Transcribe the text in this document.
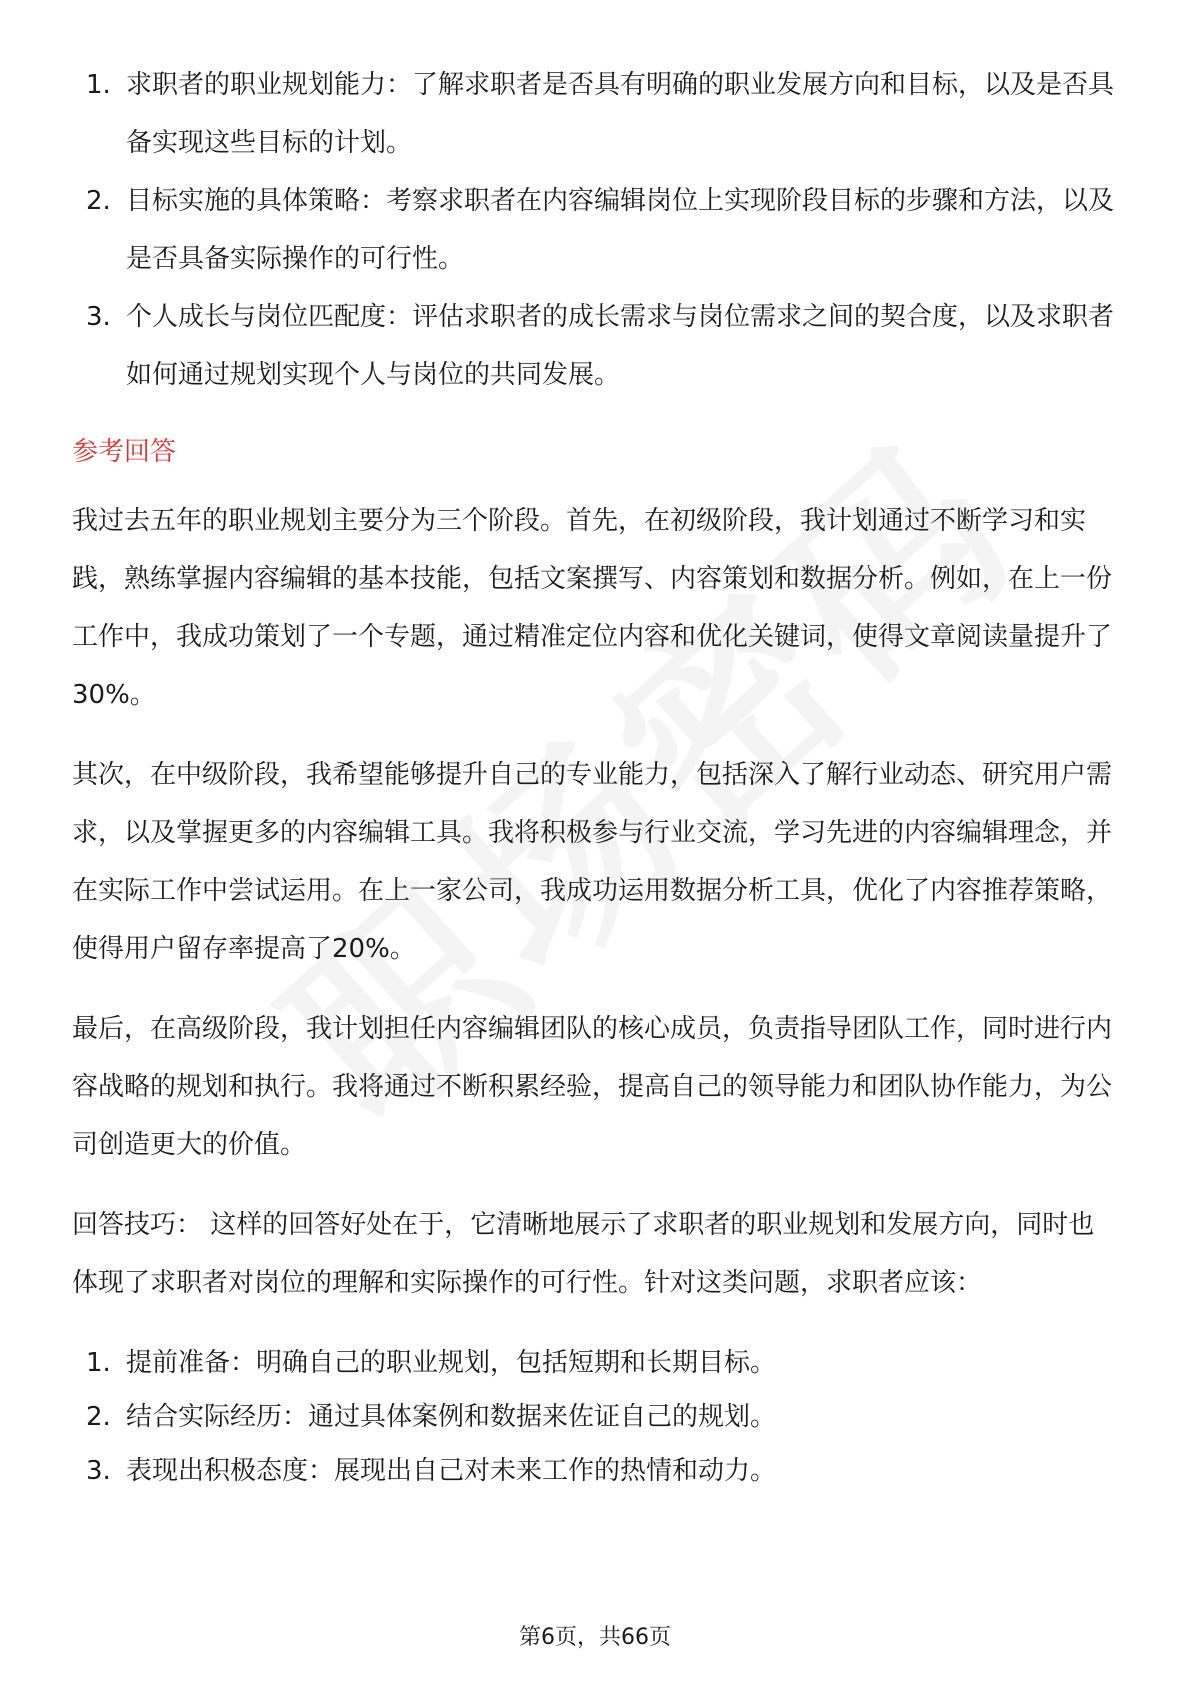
1. 求职者的职业规划能力：了解求职者是否具有明确的职业发展方向和目标，以及是否具备实现这些目标的计划。
2. 目标实施的具体策略：考察求职者在内容编辑岗位上实现阶段目标的步骤和方法，以及是否具备实际操作的可行性。
3. 个人成长与岗位匹配度：评估求职者的成长需求与岗位需求之间的契合度，以及求职者如何通过规划实现个人与岗位的共同发展。
参考回答

我过去五年的职业规划主要分为三个阶段。首先，在初级阶段，我计划通过不断学习和实践，熟练掌握内容编辑的基本技能，包括文案撰写、内容策划和数据分析。例如，在上一份工作中，我成功策划了一个专题，通过精准定位内容和优化关键词，使得文章阅读量提升了30%。

其次，在中级阶段，我希望能够提升自己的专业能力，包括深入了解行业动态、研究用户需求，以及掌握更多的内容编辑工具。我将积极参与行业交流，学习先进的内容编辑理念，并在实际工作中尝试运用。在上一家公司，我成功运用数据分析工具，优化了内容推荐策略，使得用户留存率提高了20%。

最后，在高级阶段，我计划担任内容编辑团队的核心成员，负责指导团队工作，同时进行内容战略的规划和执行。我将通过不断积累经验，提高自己的领导能力和团队协作能力，为公司创造更大的价值。

回答技巧： 这样的回答好处在于，它清晰地展示了求职者的职业规划和发展方向，同时也体现了求职者对岗位的理解和实际操作的可行性。针对这类问题，求职者应该：

1. 提前准备：明确自己的职业规划，包括短期和长期目标。
2. 结合实际经历：通过具体案例和数据来佐证自己的规划。
3. 表现出积极态度：展现出自己对未来工作的热情和动力。
第6页，共66页
